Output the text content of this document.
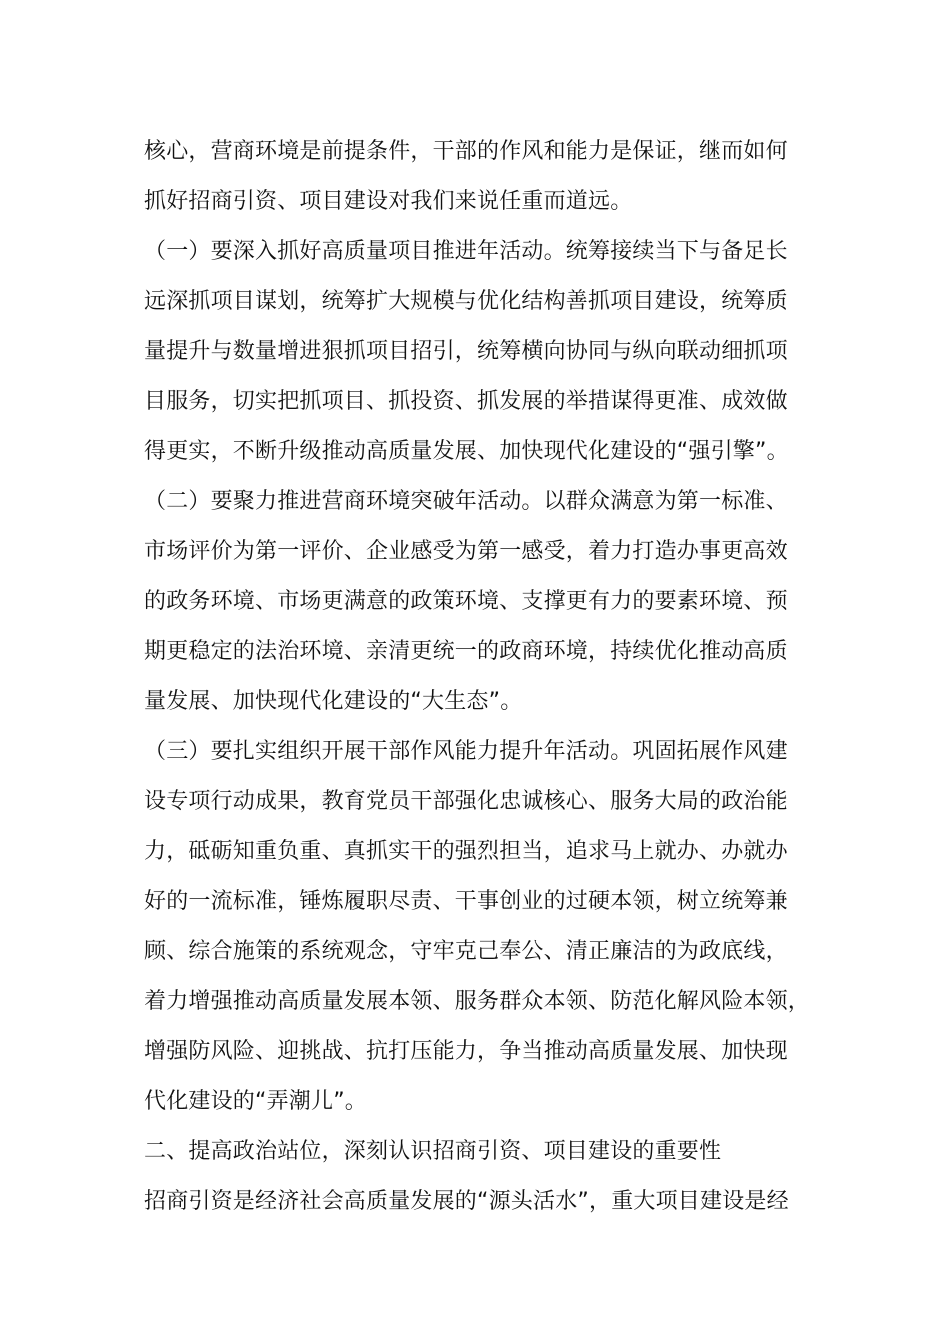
核心，营商环境是前提条件，干部的作风和能力是保证，继而如何
抓好招商引资、项目建设对我们来说任重而道远。
（一）要深入抓好高质量项目推进年活动。统筹接续当下与备足长
远深抓项目谋划，统筹扩大规模与优化结构善抓项目建设，统筹质
量提升与数量增进狠抓项目招引，统筹横向协同与纵向联动细抓项
目服务，切实把抓项目、抓投资、抓发展的举措谋得更准、成效做
得更实，不断升级推动高质量发展、加快现代化建设的“强引擎”。
（二）要聚力推进营商环境突破年活动。以群众满意为第一标准、
市场评价为第一评价、企业感受为第一感受，着力打造办事更高效
的政务环境、市场更满意的政策环境、支撑更有力的要素环境、预
期更稳定的法治环境、亲清更统一的政商环境，持续优化推动高质
量发展、加快现代化建设的“大生态”。
（三）要扎实组织开展干部作风能力提升年活动。巩固拓展作风建
设专项行动成果，教育党员干部强化忠诚核心、服务大局的政治能
力，砥砺知重负重、真抓实干的强烈担当，追求马上就办、办就办
好的一流标准，锤炼履职尽责、干事创业的过硬本领，树立统筹兼
顾、综合施策的系统观念，守牢克己奉公、清正廉洁的为政底线，
着力增强推动高质量发展本领、服务群众本领、防范化解风险本领，
增强防风险、迎挑战、抗打压能力，争当推动高质量发展、加快现
代化建设的“弄潮儿”。
二、提高政治站位，深刻认识招商引资、项目建设的重要性
招商引资是经济社会高质量发展的“源头活水”，重大项目建设是经
